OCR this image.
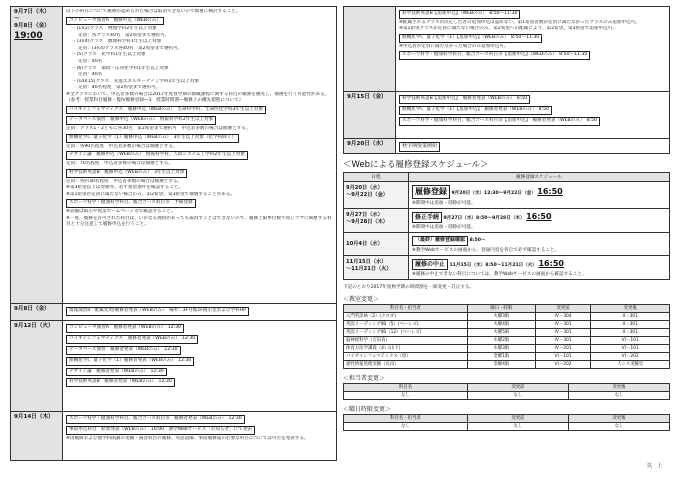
9月7日（木）
～
9月8日（金）
19:00

以下の科目について履修が認められた場合は取消できないので慎重に検討すること。

コンピュータ演習A　履修申込（WEBのみ）

・(1)(2)クラス　物理学科2年生以上対象

定員：各クラス40名　第2希望まで選択可。

・(3)(4)クラス　数理科学科1年生以上対象

定員：(3)(4)クラス各40名　第2希望まで選択可。

・(5)クラス　化学科1年生以上対象

定員：40名

・(6)クラス　環境・応用化学科1年生以上対象

定員：40名

・(14)(15)クラス　先進エネルギーナノ工学科1年生以上対象

定員：40名程度　第2希望まで選択可。

※全クラスにおいて、申込者多数の場合は2017年度春学期の教職課程に関する科目の履修を優先し、抽選を行う可能性がある。（参考：授業科目履修一覧IV履修登録―3　授業時間割―履修上の優先規程について）

バイオインフォマティクス　履修申込（WEBのみ）　生命科学科、生命医化学科3年生以上対象

データベース演習　履修申込（WEBのみ）　情報科学科2年生以上対象

定員：クラス1・2ともに各30名　第2希望まで選択可　申込者多数の場合は抽選とする。

無機化学I、量子化学（1）履修申込（WEBのみ）　3年生以上対象（化学科除く）

定員：各90名程度　申込者多数の場合は抽選とする。

デザイン論　履修申込（WEBのみ）　情報科学科、人間システム工学科2年生以上対象

定員：70名程度　申込者多数の場合は抽選とする。

科学技術英語B　履修申込（WEBのみ）　3年生以上対象

定員：各約30名程度　申込者多数の場合は抽選とする。

※第3希望以上は対象外。必ず希望条件を確認すること。

※第1希望が定員に満たない場合のみ、第2希望、第3希望で抽選することがある。

スポーツ科学・健康科学科目、総合コース科目等　予備登録

※詳細は掲示や授業ホームページ等で確認すること。

※一度、履修を許可された科目は、いかなる理由があっても取消すことはできないので、履修上限単位数や同じコマに関連する科目と十分注意して履修申込を行うこと。

9月8日（金）	情報演習II　配属変更/履修者発表（WEBのみ）　場所：3F号館1F掲示室および学科HP

9月12日（火）	コンピュータ演習A　履修者発表（WEBのみ）　12:30

バイオインフォマティクス　履修者発表（WEBのみ）　12:30

データベース演習　履修者発表（WEBのみ）　12:30

無機化学I、量子化学（1）履修者発表（WEBのみ）　12:30

デザイン論　履修者発表（WEBのみ）　12:30

科学技術英語B　履修者発表（WEBのみ）　12:30

9月14日（木）	スポーツ科学・健康科学科目、総合コース科目等　履修者発表（WEBのみ）　12:30

事前申込科目　結果発表（WEBのみ）　10:00　教学Webサービス「お知らせ」にて発表

※再履修および他学科開講の実験・演習科目の履修、英語読解、事前履修届の必要な科目については可否を発表する。

科学技術英語B【追加申込】（WEBのみ）　8:50～11:30

※配属されるクラスが決定した者の追加申込は認めない。第1希望者数が定員に満たなかったクラスのみ追加申込可。

※第1希望クラスが定員に満たない場合のみ、第2希望への配属により、第2希望、第3希望で追加申込可。

無機化学I、量子化学（1）【追加申込】（WEBのみ）　8:50～11:30

※申込者が定員に満たなかった場合のみ追加申込可。

スポーツ科学・健康科学科目、総合コース科目等【追加申込】（WEBのみ）　8:50～11:30

9月15日（金）	科学技術英語B【追加申込】　履修者発表（WEBのみ）　8:50

無機化学I、量子化学（1）【追加申込】　履修者発表（WEBのみ）　8:50

スポーツ科学・健康科学科目、総合コース科目等【追加申込】　履修者発表（WEBのみ）　8:50

9月20日（水）	秋学期授業開始

＜Webによる履修登録スケジュール＞
日程	履修登録スケジュール
9月20日（水）
～9月22日（金）	履修登録 9月20日（水）12:30～9月22日（金） 16:50
※期間中は追加・削除が可能。
9月27日（水）
～9月28日（木）	修正手続 9月27日（水）8:50～9月28日（木） 16:50
※期間中は追加・削除が可能。
10月4日（水）	（最終）履修登録確認 8:50～
※教学Webサービスの画面から、登録内容を各自で必ず確認すること。
11月15日（水）
～11月21日（火）	履修の中止 11月15日（水）8:50～11月21日（火） 16:50
※履修の中止できない科目については、教学Webサービスの画面から確認すること。
下記のとおり2017年度秋学期の時間割を一部変更・訂正する。
＜教室変更＞
科目名・担当者	曜日・時限	変更前	変更後
入門英語IA（2）(クロダ)	火曜3限	IV－304	II－301
英語リーディングIIB（5）(ベーレズ)	火曜4限	IV－301	II－301
英語リーディングIIB（12）(ベーレズ)	火曜5限	IV－301	II－301
脳神経科学（吉田直）	水曜2限	IV－301	VI－101
体育方法学講義（4）(山下)	水曜3限	IV－201	VI－101
バイオインフォマティクス（原）	金曜1限	VI－101	VI－202
感性情報処理実験（長田）	金曜4限	VI－202	人シス実験室
＜担当者変更＞
科目名	変更前	変更後
なし	なし	なし
＜曜日時限変更＞
科目名・担当者	変更前	変更後
なし	なし	なし
以　上
